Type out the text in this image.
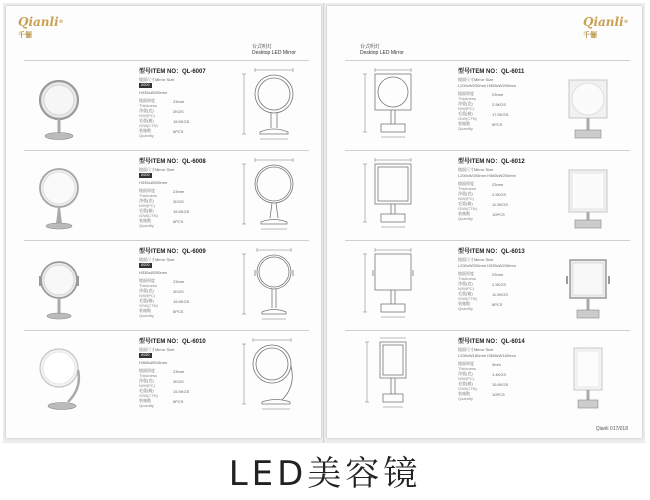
Qianli®
千俪
台式明灯
Desktop LED Mirror
型号ITEM NO：QL-6007
镜面尺寸Mirror Size
Ø200
H335xØ200mm
镜面厚度
Thickness
23mm
净重(克)
N/W(PC)
2KGS
毛重(箱)
G/W(CTN)
15.5KGS
装箱数
Quantity
6PCS
型号ITEM NO：QL-6008
镜面尺寸Mirror Size
Ø200
H335xØ200mm
镜面厚度
Thickness
23mm
净重(克)
N/W(PC)
2KGS
毛重(箱)
G/W(CTN)
15.5KGS
装箱数
Quantity
6PCS
型号ITEM NO：QL-6009
镜面尺寸Mirror Size
Ø200
H335xØ200mm
镜面厚度
Thickness
23mm
净重(克)
N/W(PC)
2KGS
毛重(箱)
G/W(CTN)
15.5KGS
装箱数
Quantity
6PCS
型号ITEM NO：QL-6010
镜面尺寸Mirror Size
Ø250
H368xØ315mm
镜面厚度
Thickness
23mm
净重(克)
N/W(PC)
2KGS
毛重(箱)
G/W(CTN)
15.5KGS
装箱数
Quantity
6PCS
Qianli®
千俪
台式明灯
Desktop LED Mirror
型号ITEM NO：QL-6011
镜面尺寸Mirror Size
L200xW200mm H365xW200mm
镜面厚度
Thickness
23mm
净重(克)
N/W(PC)
2.5KGS
毛重(箱)
G/W(CTN)
17.5KGS
装箱数
Quantity
6PCS
型号ITEM NO：QL-6012
镜面尺寸Mirror Size
L200xW200mm H365xW200mm
镜面厚度
Thickness
23mm
净重(克)
N/W(PC)
2.5KGS
毛重(箱)
G/W(CTN)
11.5KGS
装箱数
Quantity
10PCS
型号ITEM NO：QL-6013
镜面尺寸Mirror Size
L200xW200mm H335xW230mm
镜面厚度
Thickness
23mm
净重(克)
N/W(PC)
2.5KGS
毛重(箱)
G/W(CTN)
11.5KGS
装箱数
Quantity
6PCS
型号ITEM NO：QL-6014
镜面尺寸Mirror Size
L200xW160mm H368xW160mm
镜面厚度
Thickness
3mm
净重(克)
N/W(PC)
1.4KGS
毛重(箱)
G/W(CTN)
15.6KGS
装箱数
Quantity
10PCS
Qianli 017/018
LED美容镜
